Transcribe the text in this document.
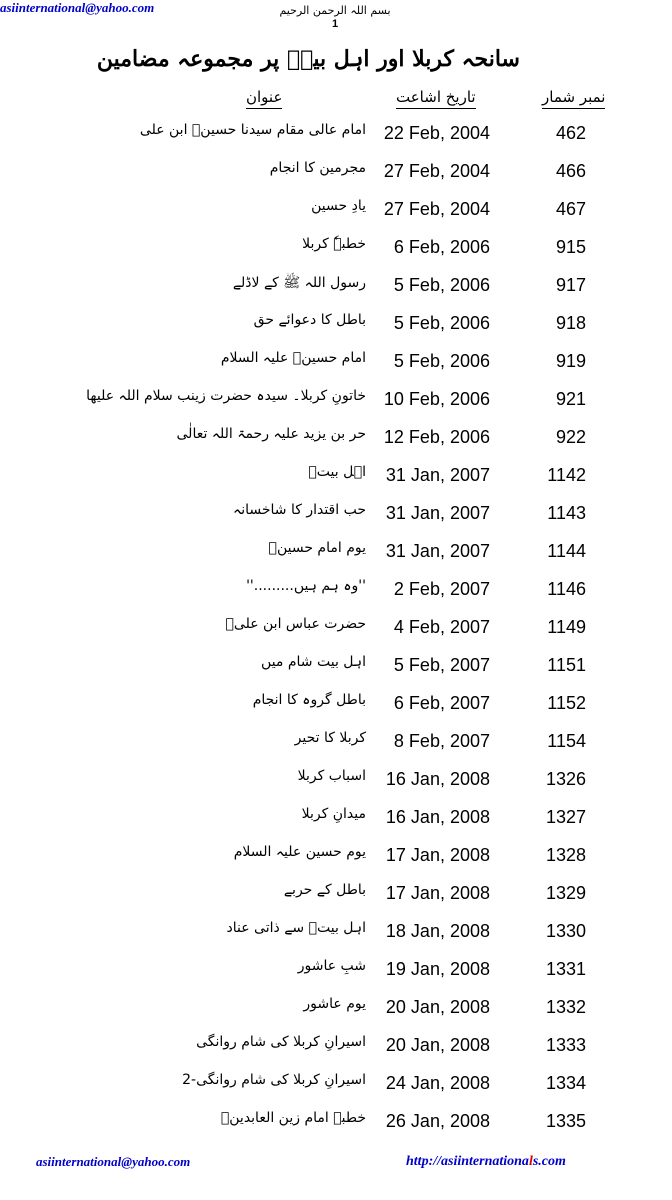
asiinternational@yahoo.com	بسم اللہ الرحمن الرحیم
1
سانحہ کربلا اور اہل بیتؑ پر مجموعہ مضامین
عنوان	تاریخ اشاعت	نمبر شمار
امام عالی مقام سیدنا حسینؑ ابن علی 22 Feb, 2004	462
مجرمین کا انجام 27 Feb, 2004	466
یادِ حسین 27 Feb, 2004	467
خطبہٗ کربلا	6 Feb, 2006	915
رسول اللہ ﷺ کے لاڈلے	5 Feb, 2006	917
باطل کا دعوائے حق	5 Feb, 2006	918
امام حسینؑ علیہ السلام	5 Feb, 2006	919
خاتونِ کربلا۔ سیدہ حضرت زینب سلام اللہ علیھا 10 Feb, 2006	921
حر بن یزید علیہ رحمۃ اللہ تعالٰی 12 Feb, 2006	922
اہل بیتؑ	31 Jan, 2007	1142
حب اقتدار کا شاخسانہ	31 Jan, 2007	1143
یوم امام حسینؑ	31 Jan, 2007	1144
''وہ ہم ہیں.........''	2 Feb, 2007	1146
حضرت عباس ابن علیؑ	4 Feb, 2007	1149
اہل بیت شام میں	5 Feb, 2007	1151
باطل گروہ کا انجام	6 Feb, 2007	1152
کربلا کا تحیر	8 Feb, 2007	1154
اسباب کربلا	16 Jan, 2008	1326
میدانِ کربلا	16 Jan, 2008	1327
یوم حسین علیہ السلام	17 Jan, 2008	1328
باطل کے حربے	17 Jan, 2008	1329
اہل بیتؑ سے ذاتی عناد	18 Jan, 2008	1330
شبِ عاشور	19 Jan, 2008	1331
یوم عاشور	20 Jan, 2008	1332
اسیرانِ کربلا کی شام روانگی	20 Jan, 2008	1333
اسیرانِ کربلا کی شام روانگی-2	24 Jan, 2008	1334
خطبہ امام زین العابدینؒ	26 Jan, 2008	1335
asiinternational@yahoo.com	http://asiinternationals.com
